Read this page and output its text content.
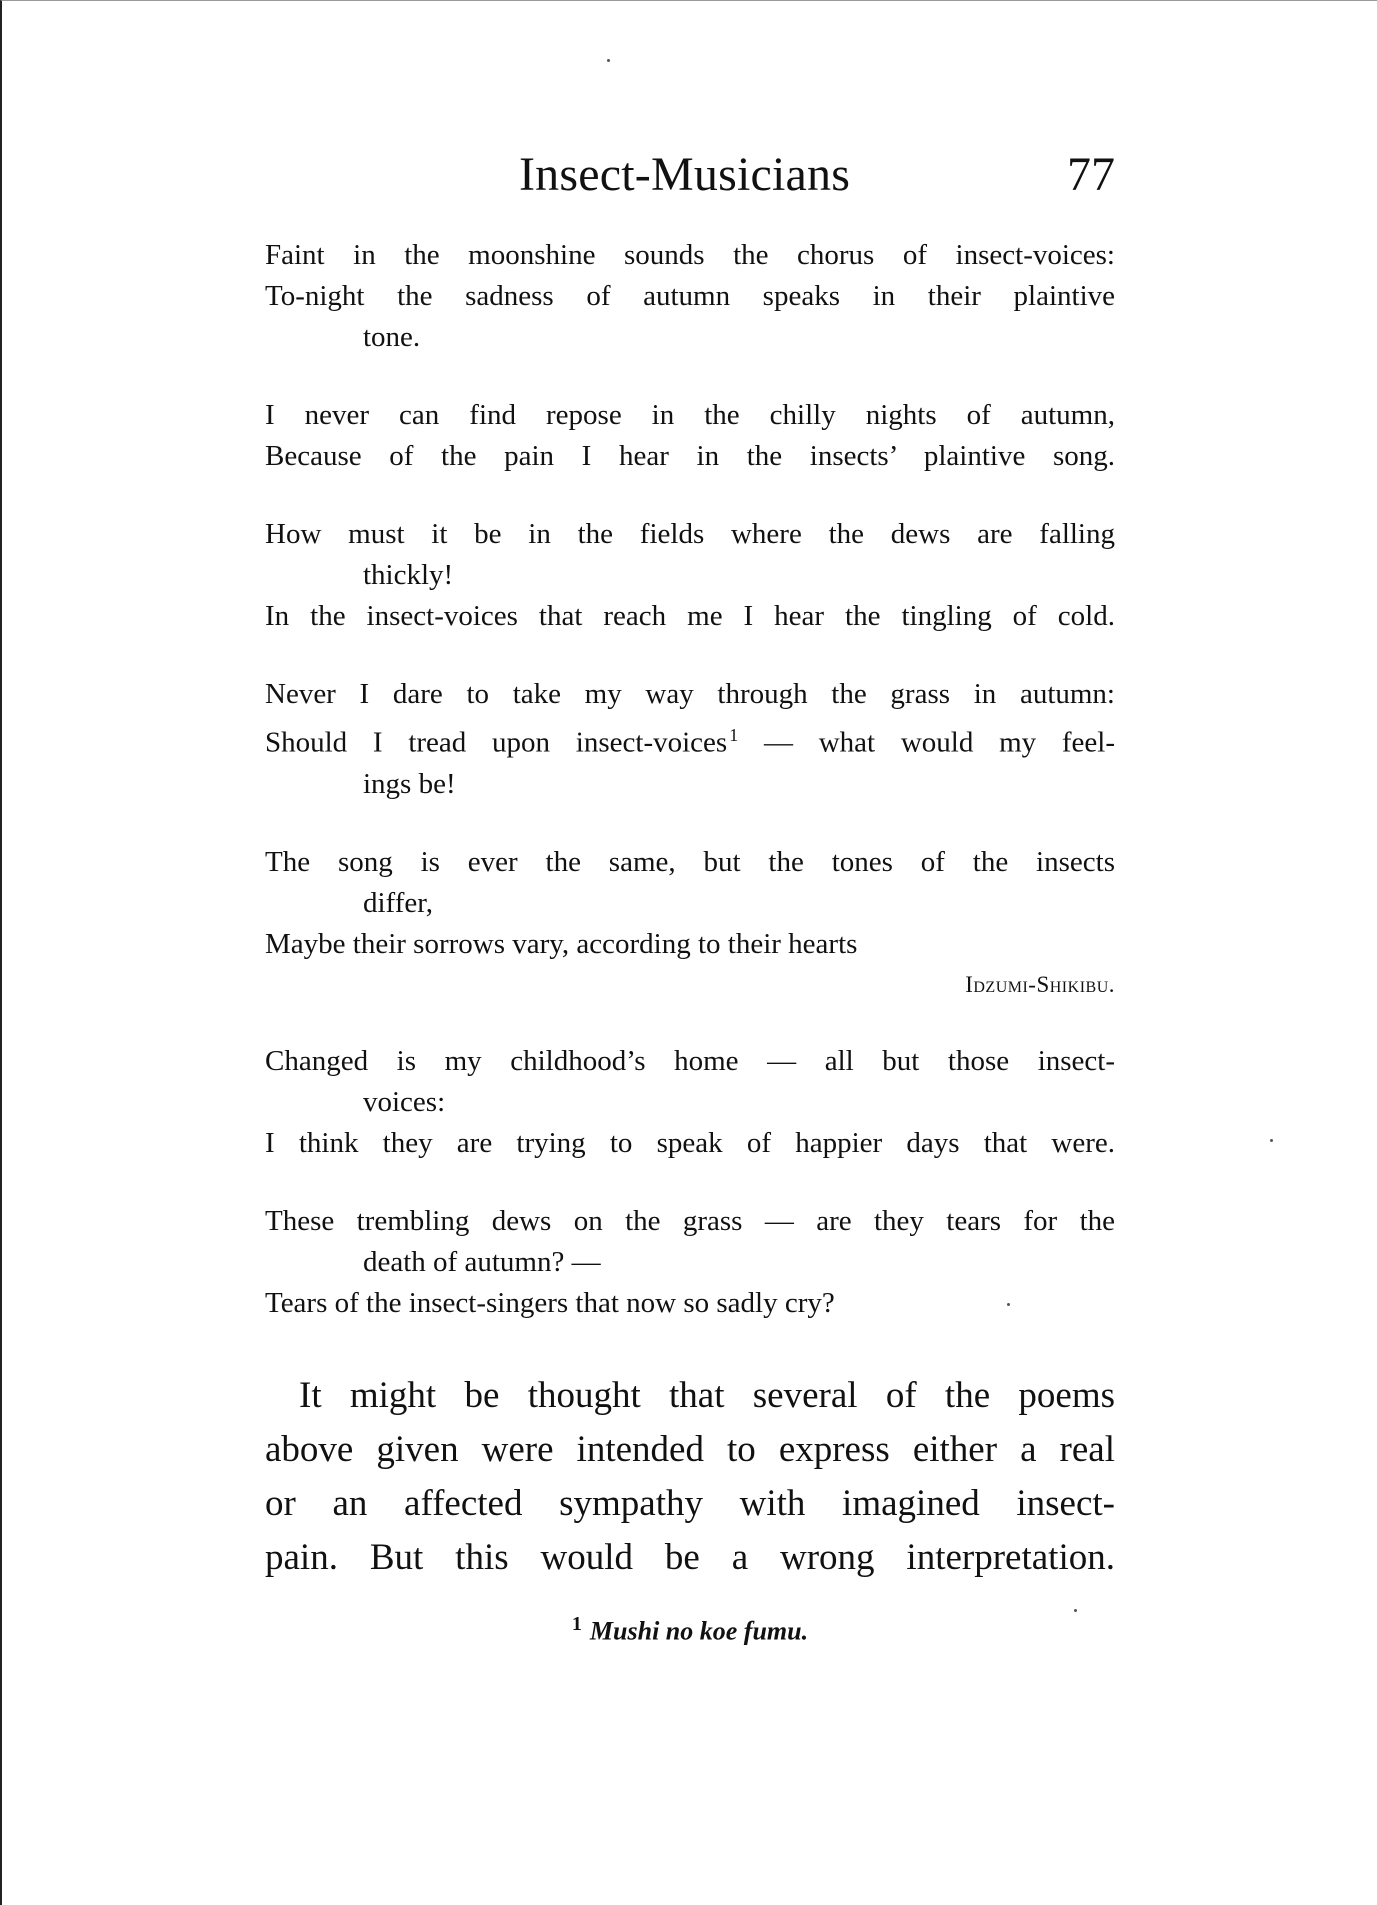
Insect-Musicians	77
Faint in the moonshine sounds the chorus of insect-voices:
To-night the sadness of autumn speaks in their plaintive
tone.
I never can find repose in the chilly nights of autumn,
Because of the pain I hear in the insects’ plaintive song.
How must it be in the fields where the dews are falling
thickly!
In the insect-voices that reach me I hear the tingling of cold.
Never I dare to take my way through the grass in autumn:
Should I tread upon insect-voices $^1$ — what would my feel-
ings be!
The song is ever the same, but the tones of the insects
differ,
Maybe their sorrows vary, according to their hearts
Idzumi-Shikibu.
Changed is my childhood’s home — all but those insect-
voices:
I think they are trying to speak of happier days that were.
These trembling dews on the grass — are they tears for the
death of autumn? —
Tears of the insect-singers that now so sadly cry?
It might be thought that several of the poems
above given were intended to express either a real
or an affected sympathy with imagined insect-
pain. But this would be a wrong interpretation.
$^1$ Mushi no koe fumu.
